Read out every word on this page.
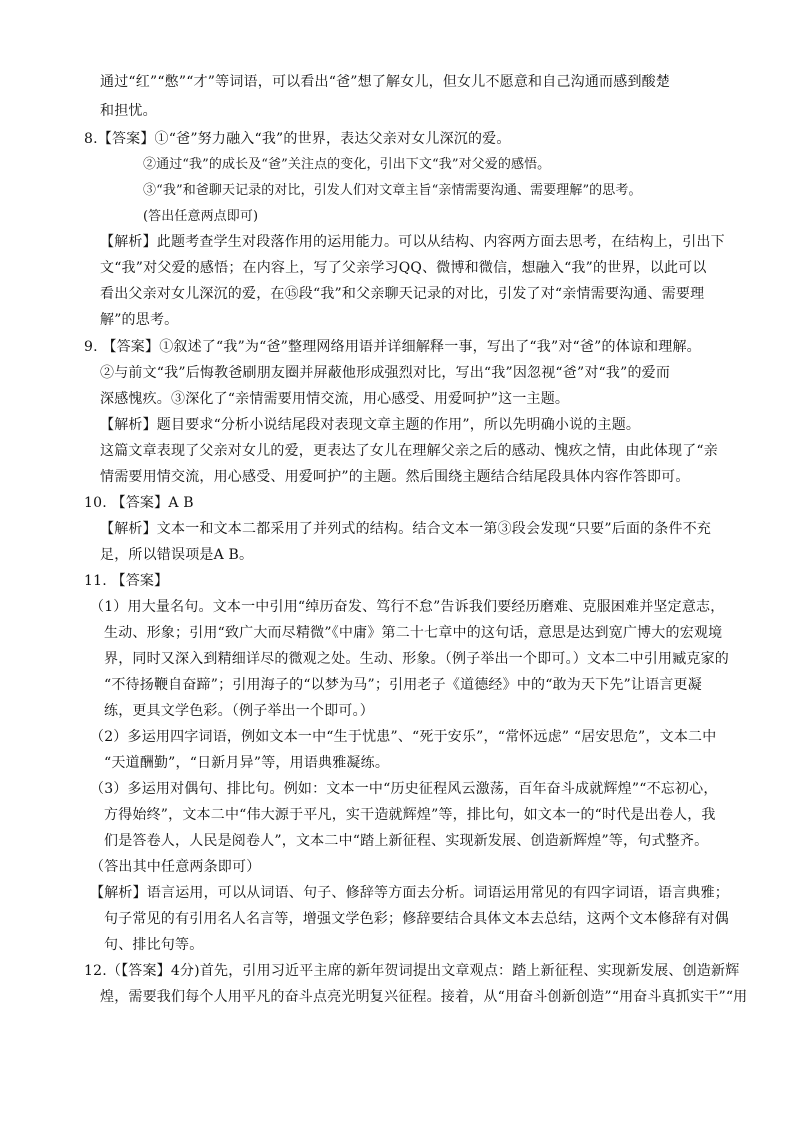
通过“红”“憋”“才”等词语，可以看出“爸”想了解女儿，但女儿不愿意和自己沟通而感到酸楚
和担忧。
8.【答案】①“爸”努力融入“我”的世界，表达父亲对女儿深沉的爱。
②通过“我”的成长及“爸”关注点的变化，引出下文“我”对父爱的感悟。
③“我”和爸聊天记录的对比，引发人们对文章主旨“亲情需要沟通、需要理解”的思考。
(答出任意两点即可)
【解析】此题考查学生对段落作用的运用能力。可以从结构、内容两方面去思考，在结构上，引出下
文“我”对父爱的感悟；在内容上，写了父亲学习QQ、微博和微信，想融入“我”的世界，以此可以
看出父亲对女儿深沉的爱，在⑮段“我”和父亲聊天记录的对比，引发了对“亲情需要沟通、需要理
解”的思考。
9. 【答案】①叙述了“我”为“爸”整理网络用语并详细解释一事，写出了“我”对“爸”的体谅和理解。
②与前文“我”后悔教爸刷朋友圈并屏蔽他形成强烈对比，写出“我”因忽视“爸”对“我”的爱而
深感愧疚。③深化了“亲情需要用情交流，用心感受、用爱呵护”这一主题。
【解析】题目要求“分析小说结尾段对表现文章主题的作用”，所以先明确小说的主题。
这篇文章表现了父亲对女儿的爱，更表达了女儿在理解父亲之后的感动、愧疚之情，由此体现了“亲
情需要用情交流，用心感受、用爱呵护”的主题。然后围绕主题结合结尾段具体内容作答即可。
10. 【答案】A B
【解析】文本一和文本二都采用了并列式的结构。结合文本一第③段会发现“只要”后面的条件不充
足，所以错误项是A B。
11. 【答案】
（1）用大量名句。文本一中引用“绰历奋发、笃行不怠”告诉我们要经历磨难、克服困难并坚定意志，
生动、形象；引用“致广大而尽精微”《中庸》第二十七章中的这句话，意思是达到宽广博大的宏观境
界，同时又深入到精细详尽的微观之处。生动、形象。（例子举出一个即可。）文本二中引用臧克家的
“不待扬鞭自奋蹄”；引用海子的“以梦为马”；引用老子《道德经》中的“敢为天下先”让语言更凝
练，更具文学色彩。（例子举出一个即可。）
（2）多运用四字词语，例如文本一中“生于忧患”、“死于安乐”，“常怀远虑” “居安思危”，文本二中
“天道酬勤”，“日新月异”等，用语典雅凝练。
（3）多运用对偶句、排比句。例如：文本一中“历史征程风云激荡，百年奋斗成就辉煌”“不忘初心，
方得始终”，文本二中“伟大源于平凡，实干造就辉煌”等，排比句，如文本一的“时代是出卷人，我
们是答卷人，人民是阅卷人”，文本二中“踏上新征程、实现新发展、创造新辉煌”等，句式整齐。
（答出其中任意两条即可）
【解析】语言运用，可以从词语、句子、修辞等方面去分析。词语运用常见的有四字词语，语言典雅；
句子常见的有引用名人名言等，增强文学色彩；修辞要结合具体文本去总结，这两个文本修辞有对偶
句、排比句等。
12.（【答案】4分)首先，引用习近平主席的新年贺词提出文章观点：踏上新征程、实现新发展、创造新辉
煌，需要我们每个人用平凡的奋斗点亮光明复兴征程。接着，从“用奋斗创新创造”“用奋斗真抓实干”“用
